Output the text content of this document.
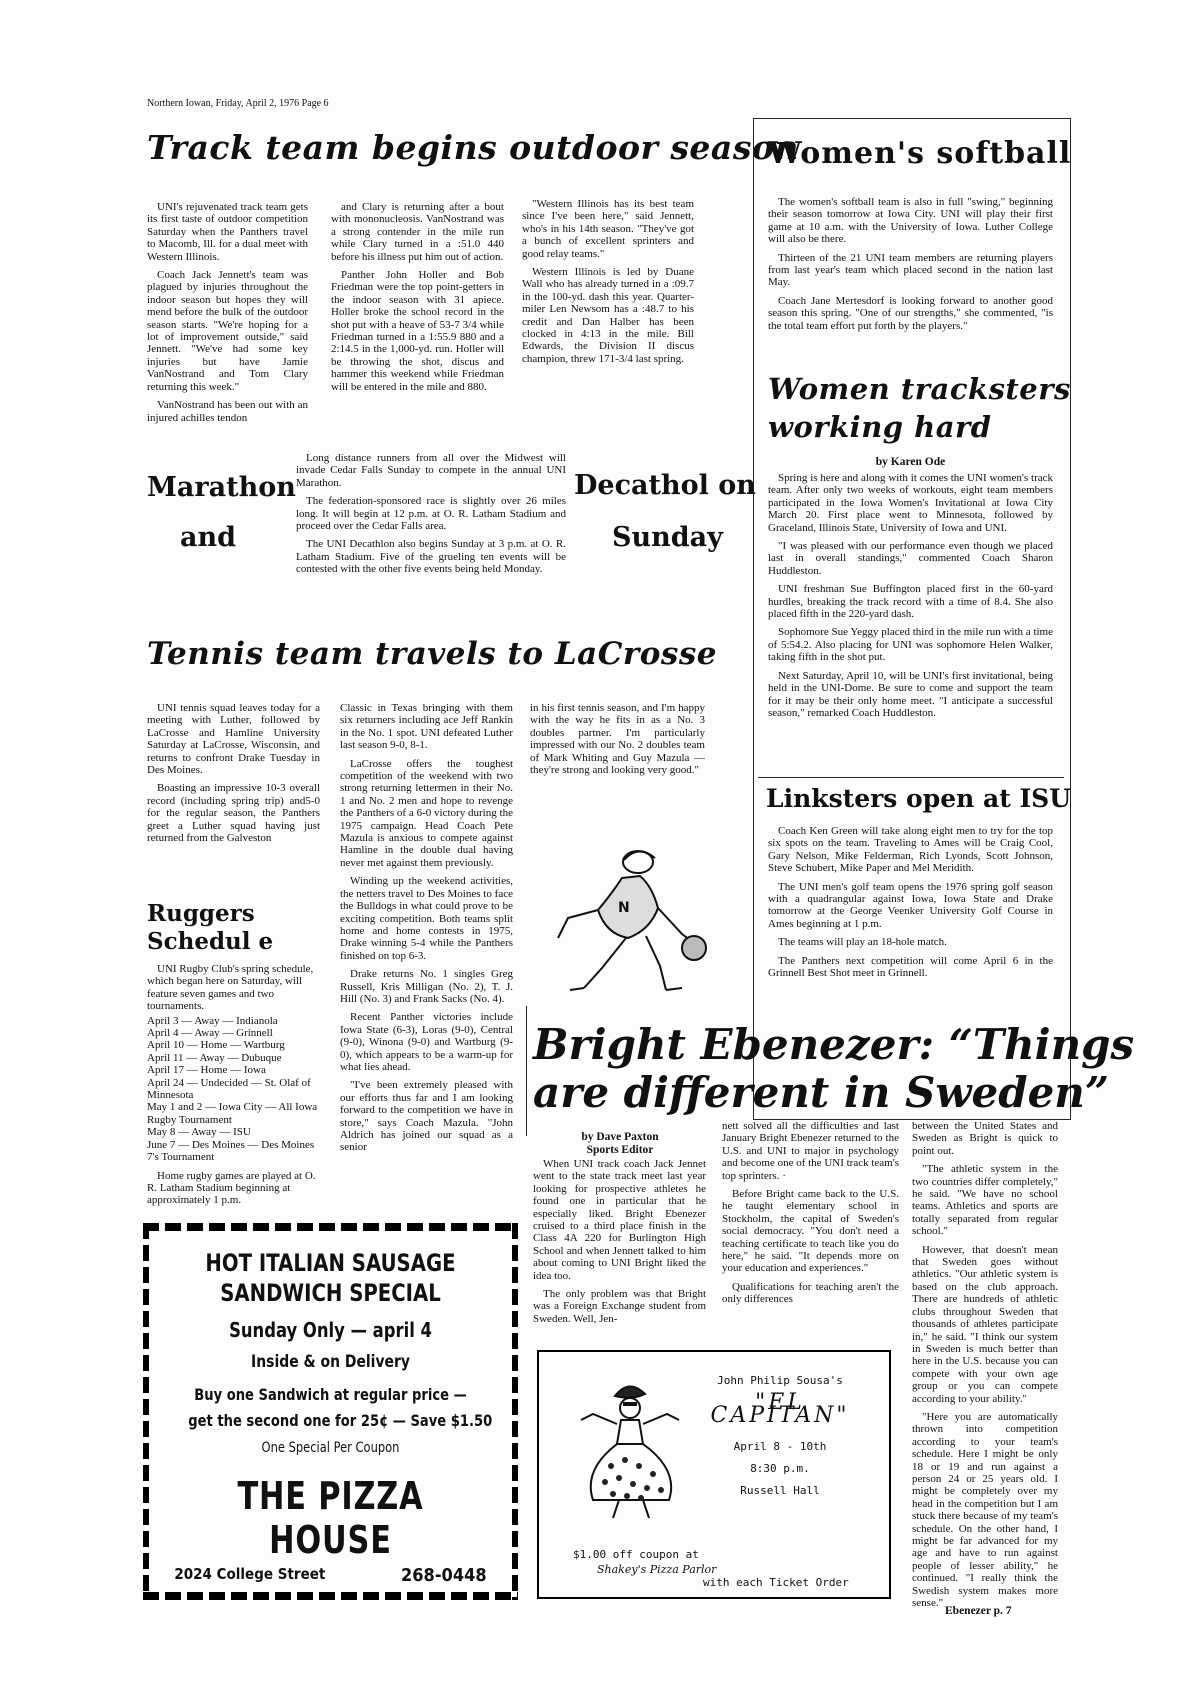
Northern Iowan, Friday, April 2, 1976 Page 6
Track team begins outdoor season

UNI's rejuvenated track team gets its first taste of outdoor competition Saturday when the Panthers travel to Macomb, Ill. for a dual meet with Western Illinois.

Coach Jack Jennett's team was plagued by injuries throughout the indoor season but hopes they will mend before the bulk of the outdoor season starts. "We're hoping for a lot of improvement outside," said Jennett. "We've had some key injuries but have Jamie VanNostrand and Tom Clary returning this week."

VanNostrand has been out with an injured achilles tendon

and Clary is returning after a bout with mononucleosis. VanNostrand was a strong contender in the mile run while Clary turned in a :51.0 440 before his illness put him out of action.

Panther John Holler and Bob Friedman were the top point-getters in the indoor season with 31 apiece. Holler broke the school record in the shot put with a heave of 53-7 3/4 while Friedman turned in a 1:55.9 880 and a 2:14.5 in the 1,000-yd. run. Holler will be throwing the shot, discus and hammer this weekend while Friedman will be entered in the mile and 880.

"Western Illinois has its best team since I've been here," said Jennett, who's in his 14th season. "They've got a bunch of excellent sprinters and good relay teams."

Western Illinois is led by Duane Wall who has already turned in a :09.7 in the 100-yd. dash this year. Quarter-miler Len Newsom has a :48.7 to his credit and Dan Halber has been clocked in 4:13 in the mile. Bill Edwards, the Division II discus champion, threw 171-3/4 last spring.

Marathon
and

Long distance runners from all over the Midwest will invade Cedar Falls Sunday to compete in the annual UNI Marathon.

The federation-sponsored race is slightly over 26 miles long. It will begin at 12 p.m. at O. R. Latham Stadium and proceed over the Cedar Falls area.

The UNI Decathlon also begins Sunday at 3 p.m. at O. R. Latham Stadium. Five of the grueling ten events will be contested with the other five events being held Monday.

Decathol on
Sunday
Tennis team travels to LaCrosse

UNI tennis squad leaves today for a meeting with Luther, followed by LaCrosse and Hamline University Saturday at LaCrosse, Wisconsin, and returns to confront Drake Tuesday in Des Moines.

Boasting an impressive 10-3 overall record (including spring trip) and5-0 for the regular season, the Panthers greet a Luther squad having just returned from the Galveston

Classic in Texas bringing with them six returners including ace Jeff Rankin in the No. 1 spot. UNI defeated Luther last season 9-0, 8-1.

LaCrosse offers the toughest competition of the weekend with two strong returning lettermen in their No. 1 and No. 2 men and hope to revenge the Panthers of a 6-0 victory during the 1975 campaign. Head Coach Pete Mazula is anxious to compete against Hamline in the double dual having never met against them previously.

Winding up the weekend activities, the netters travel to Des Moines to face the Bulldogs in what could prove to be exciting competition. Both teams split home and home contests in 1975, Drake winning 5-4 while the Panthers finished on top 6-3.

Drake returns No. 1 singles Greg Russell, Kris Milligan (No. 2), T. J. Hill (No. 3) and Frank Sacks (No. 4).

Recent Panther victories include Iowa State (6-3), Loras (9-0), Central (9-0), Winona (9-0) and Wartburg (9-0), which appears to be a warm-up for what lies ahead.

"I've been extremely pleased with our efforts thus far and I am looking forward to the competition we have in store," says Coach Mazula. "John Aldrich has joined our squad as a senior

in his first tennis season, and I'm happy with the way he fits in as a No. 3 doubles partner. I'm particularly impressed with our No. 2 doubles team of Mark Whiting and Guy Mazula — they're strong and looking very good."

N
Ruggers
Schedul e

UNI Rugby Club's spring schedule, which began here on Saturday, will feature seven games and two tournaments.

April 3 — Away — Indianola

April 4 — Away — Grinnell

April 10 — Home — Wartburg

April 11 — Away — Dubuque

April 17 — Home — Iowa

April 24 — Undecided — St. Olaf of Minnesota

May 1 and 2 — Iowa City — All Iowa Rugby Tournament

May 8 — Away — ISU

June 7 — Des Moines — Des Moines 7's Tournament

Home rugby games are played at O. R. Latham Stadium beginning at approximately 1 p.m.

Women's softball

The women's softball team is also in full "swing," beginning their season tomorrow at Iowa City. UNI will play their first game at 10 a.m. with the University of Iowa. Luther College will also be there.

Thirteen of the 21 UNI team members are returning players from last year's team which placed second in the nation last May.

Coach Jane Mertesdorf is looking forward to another good season this spring. "One of our strengths," she commented, "is the total team effort put forth by the players."

Women tracksters
working hard
by Karen Ode

Spring is here and along with it comes the UNI women's track team. After only two weeks of workouts, eight team members participated in the Iowa Women's Invitational at Iowa City March 20. First place went to Minnesota, followed by Graceland, Illinois State, University of Iowa and UNI.

"I was pleased with our performance even though we placed last in overall standings," commented Coach Sharon Huddleston.

UNI freshman Sue Buffington placed first in the 60-yard hurdles, breaking the track record with a time of 8.4. She also placed fifth in the 220-yard dash.

Sophomore Sue Yeggy placed third in the mile run with a time of 5:54.2. Also placing for UNI was sophomore Helen Walker, taking fifth in the shot put.

Next Saturday, April 10, will be UNI's first invitational, being held in the UNI-Dome. Be sure to come and support the team for it may be their only home meet. "I anticipate a successful season," remarked Coach Huddleston.

Linksters open at ISU

Coach Ken Green will take along eight men to try for the top six spots on the team. Traveling to Ames will be Craig Cool, Gary Nelson, Mike Felderman, Rich Lyonds, Scott Johnson, Steve Schubert, Mike Paper and Mel Meridith.

The UNI men's golf team opens the 1976 spring golf season with a quadrangular against Iowa, Iowa State and Drake tomorrow at the George Veenker University Golf Course in Ames beginning at 1 p.m.

The teams will play an 18-hole match.

The Panthers next competition will come April 6 in the Grinnell Best Shot meet in Grinnell.

Bright Ebenezer: “Things
are different in Sweden”
by Dave Paxton
Sports Editor

When UNI track coach Jack Jennet went to the state track meet last year looking for prospective athletes he found one in particular that he especially liked. Bright Ebenezer cruised to a third place finish in the Class 4A 220 for Burlington High School and when Jennett talked to him about coming to UNI Bright liked the idea too.

The only problem was that Bright was a Foreign Exchange student from Sweden. Well, Jen-

nett solved all the difficulties and last January Bright Ebenezer returned to the U.S. and UNI to major in psychology and become one of the UNI track team's top sprinters. ·

Before Bright came back to the U.S. he taught elementary school in Stockholm, the capital of Sweden's social democracy. "You don't need a teaching certificate to teach like you do here," he said. "It depends more on your education and experiences."

Qualifications for teaching aren't the only differences

between the United States and Sweden as Bright is quick to point out.

"The athletic system in the two countries differ completely," he said. "We have no school teams. Athletics and sports are totally separated from regular school."

However, that doesn't mean that Sweden goes without athletics. "Our athletic system is based on the club approach. There are hundreds of athletic clubs throughout Sweden that thousands of athletes participate in," he said. "I think our system in Sweden is much better than here in the U.S. because you can compete with your own age group or you can compete according to your ability."

"Here you are automatically thrown into competition according to your team's schedule. Here I might be only 18 or 19 and run against a person 24 or 25 years old. I might be completely over my head in the competition but I am stuck there because of my team's schedule. On the other hand, I might be far advanced for my age and have to run against people of lesser ability," he continued. "I really think the Swedish system makes more sense."

Ebenezer p. 7
HOT ITALIAN SAUSAGE
SANDWICH SPECIAL
Sunday Only — april 4
Inside & on Delivery
Buy one Sandwich at regular price —
get the second one for 25¢ — Save $1.50
One Special Per Coupon
THE PIZZA HOUSE
2024 College Street	268-0448
John Philip Sousa's
"EL CAPITAN"
April 8 - 10th
8:30 p.m.
Russell Hall
$1.00 off coupon at
Shakey's Pizza Parlor
with each Ticket Order
